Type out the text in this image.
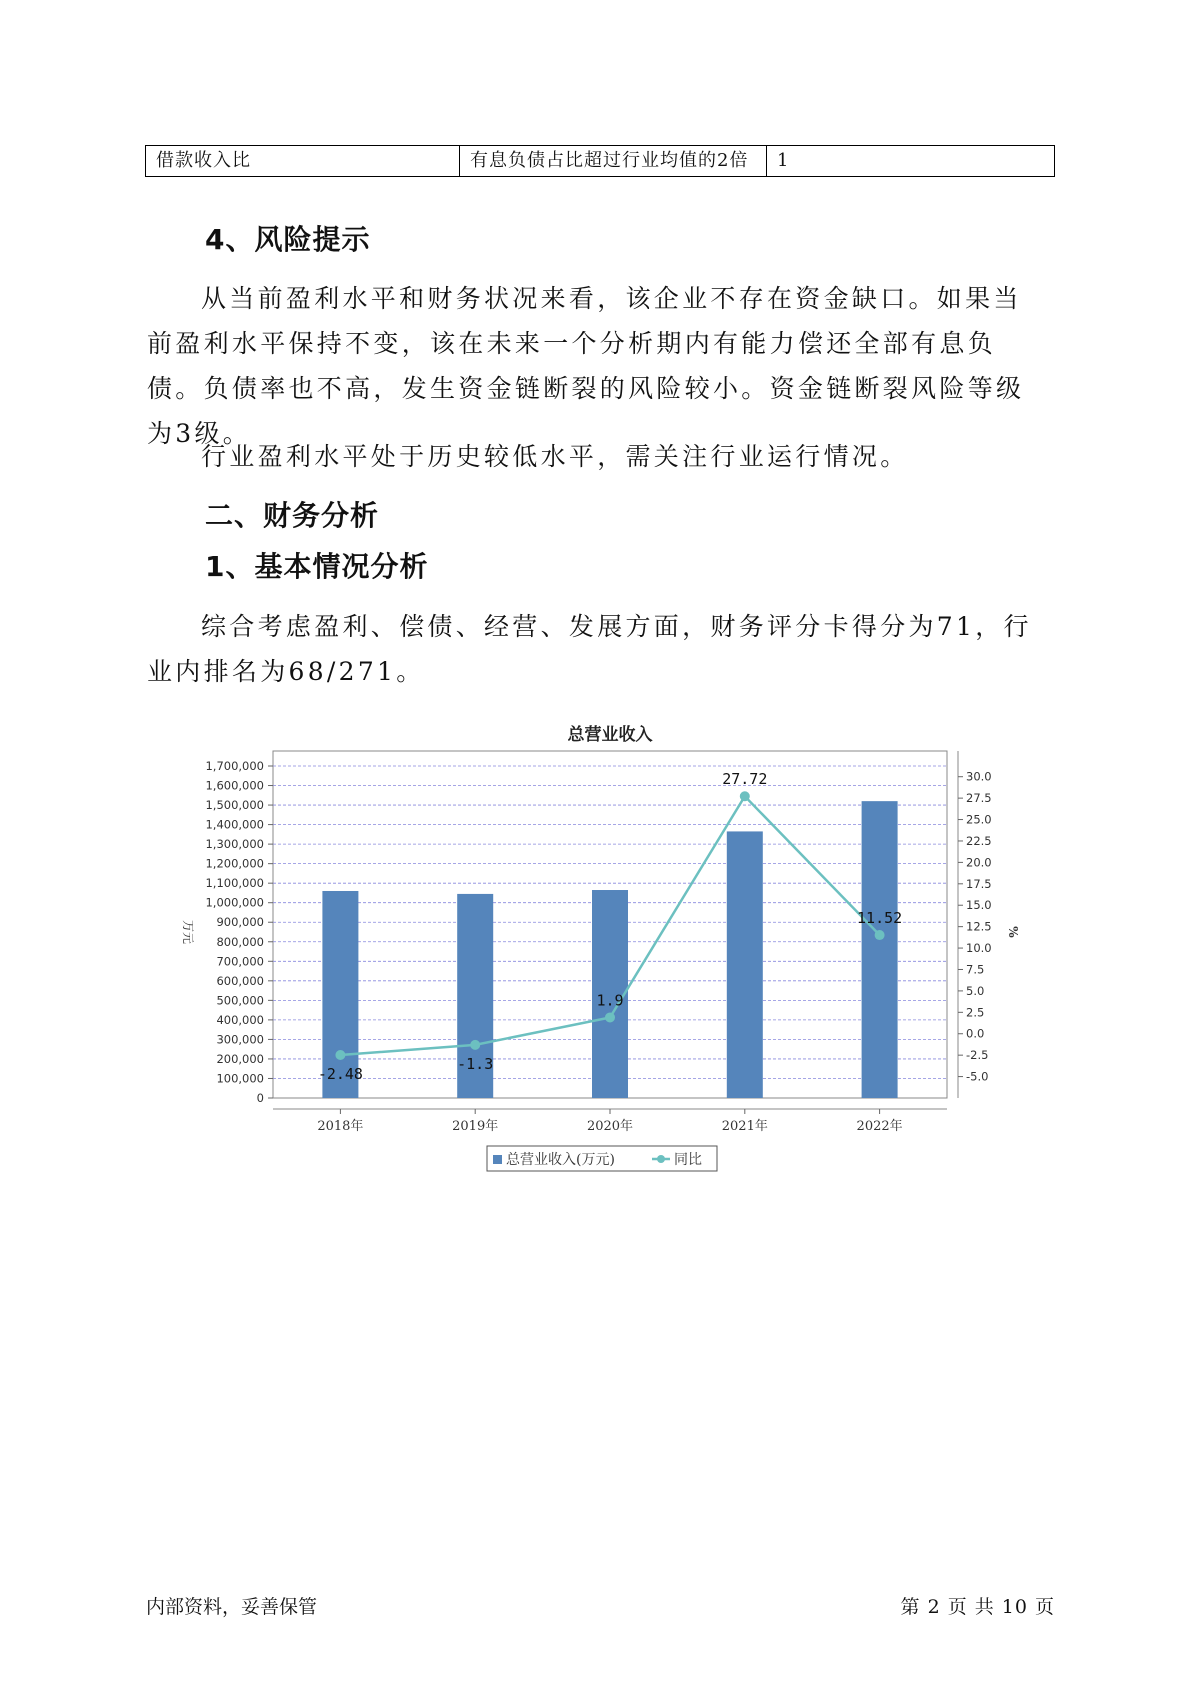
借款收入比	有息负债占比超过行业均值的2倍	1
4、风险提示

从当前盈利水平和财务状况来看，该企业不存在资金缺口。如果当前盈利水平保持不变，该在未来一个分析期内有能力偿还全部有息负债。负债率也不高，发生资金链断裂的风险较小。资金链断裂风险等级为3级。

行业盈利水平处于历史较低水平，需关注行业运行情况。

二、财务分析
1、基本情况分析

综合考虑盈利、偿债、经营、发展方面，财务评分卡得分为71，行业内排名为68/271。

总营业收入
1,700,000
1,600,000
1,500,000
1,400,000
1,300,000
1,200,000
1,100,000
1,000,000
900,000
800,000
700,000
600,000
500,000
400,000
300,000
200,000
100,000
0
30.0
27.5
25.0
22.5
20.0
17.5
15.0
12.5
10.0
7.5
5.0
2.5
0.0
-2.5
-5.0
万元	%
2018年	2019年	2020年	2021年	2022年
-2.48
-1.3
1.9
27.72
11.52
总营业收入(万元)	同比
内部资料，妥善保管	第 2 页 共 10 页
